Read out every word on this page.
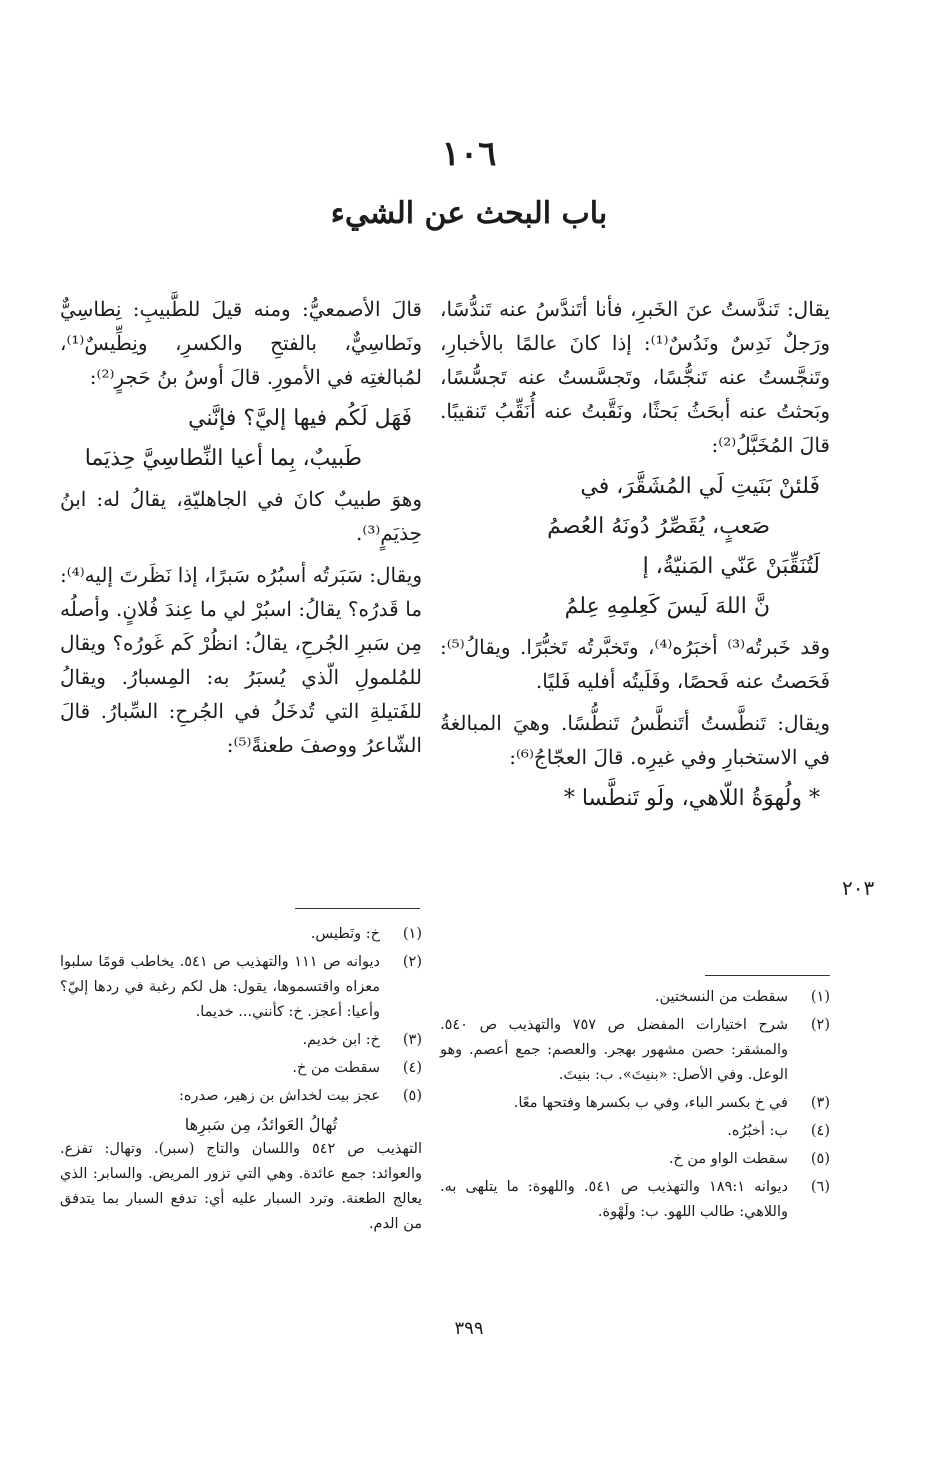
١٠٦
باب البحث عن الشيء

يقال: تَندَّستُ عنَ الخَبرِ، فأنا أتَندَّسُ عنه تَندُّسًا، ورَجلٌ نَدِسٌ ونَدُسٌ⁽¹⁾: إذا كانَ عالمًا بالأخبارِ، وتَنجَّستُ عنه تَنجُّسًا، وتَجسَّستُ عنه تَجسُّسًا، وبَحثتُ عنه أبحَثُ بَحثًا، ونَقَّبتُ عنه أُنَقِّبُ تَنقيبًا. قالَ المُخَبَّلُ⁽²⁾:

فَلئنْ بَنَيتِ لَي المُشَقَّرَ، في

صَعبٍ، يُقَصِّرُ دُونَهُ العُصمُ

لَتُنَقِّبَنْ عَنّي المَنيّةُ، إ

نَّ اللهَ لَيسَ كَعِلمِهِ عِلمُ

وقد خَبرتُه⁽³⁾ أخبَرُه⁽⁴⁾، وتَخبَّرتُه تَخبُّرًا. ويقالُ⁽⁵⁾: فَحَصتُ عنه فَحصًا، وفَلَيتُه أفليه فَليًا.

ويقال: تَنطَّستُ أتَنطَّسُ تَنطُّسًا. وهيَ المبالغةُ في الاستخبارِ وفي غيرِه. قالَ العجّاجُ⁽⁶⁾:

* ولُهوَةُ اللّاهي، ولَو تَنطَّسا *

٢٠٣

قالَ الأصمعيُّ: ومنه قيلَ للطَّبيبِ: نِطاسِيٌّ ونَطاسِيٌّ، بالفتحِ والكسرِ، ونِطِّيسٌ⁽¹⁾، لمُبالغتِه في الأمورِ. قالَ أوسُ بنُ حَجرٍ⁽²⁾:

فَهَل لَكُم فيها إليَّ؟ فإنَّني

طَبيبٌ، بِما أعيا النِّطاسِيَّ حِذيَما

وهوَ طبيبٌ كانَ في الجاهليّةِ، يقالُ له: ابنُ حِذيَمٍ⁽³⁾.

ويقال: سَبَرتُه أسبُرُه سَبرًا، إذا نَظَرتَ إليه⁽⁴⁾: ما قَدرُه؟ يقالُ: اسبُرْ لي ما عِندَ فُلانٍ. وأصلُه مِن سَبرِ الجُرحِ، يقالُ: انظُرْ كَم غَورُه؟ ويقال للمُلمولِ الّذي يُسبَرُ به: المِسبارُ. ويقالُ للفَتيلةِ التي تُدخَلُ في الجُرحِ: السِّبارُ. قالَ الشّاعرُ ووصفَ طعنةً⁽⁵⁾:

(١)
سقطت من النسختين.
(٢)
شرح اختيارات المفضل ص ٧٥٧ والتهذيب ص ٥٤٠. والمشقر: حصن مشهور بهجر. والعصم: جمع أعصم. وهو الوعل. وفي الأصل: «بنيتَ». ب: بنيتَ.
(٣)
في خ بكسر الباء، وفي ب بكسرها وفتحها معًا.
(٤)
ب: أخبُرُه.
(٥)
سقطت الواو من خ.
(٦)
ديوانه ١٨٩:١ والتهذيب ص ٥٤١. واللهوة: ما يتلهى به. واللاهي: طالب اللهو. ب: ولَهْوة.
(١)
خ: ونَطيس.
(٢)
ديوانه ص ١١١ والتهذيب ص ٥٤١. يخاطب قومًا سلبوا معزاه واقتسموها، يقول: هل لكم رغبة في ردها إليّ؟ وأعيا: أعجز. خ: كأنني... خديما.
(٣)
خ: ابن خديم.
(٤)
سقطت من خ.
(٥)
عجز بيت لخداش بن زهير، صدره:
تُهالُ العَوائدُ، مِن سَبرِها
التهذيب ص ٥٤٢ واللسان والتاج (سبر). وتهال: تفزع. والعوائد: جمع عائدة. وهي التي تزور المريض. والسابر: الذي يعالج الطعنة. وترد السبار عليه أي: تدفع السبار بما يتدفق من الدم.
٣٩٩
